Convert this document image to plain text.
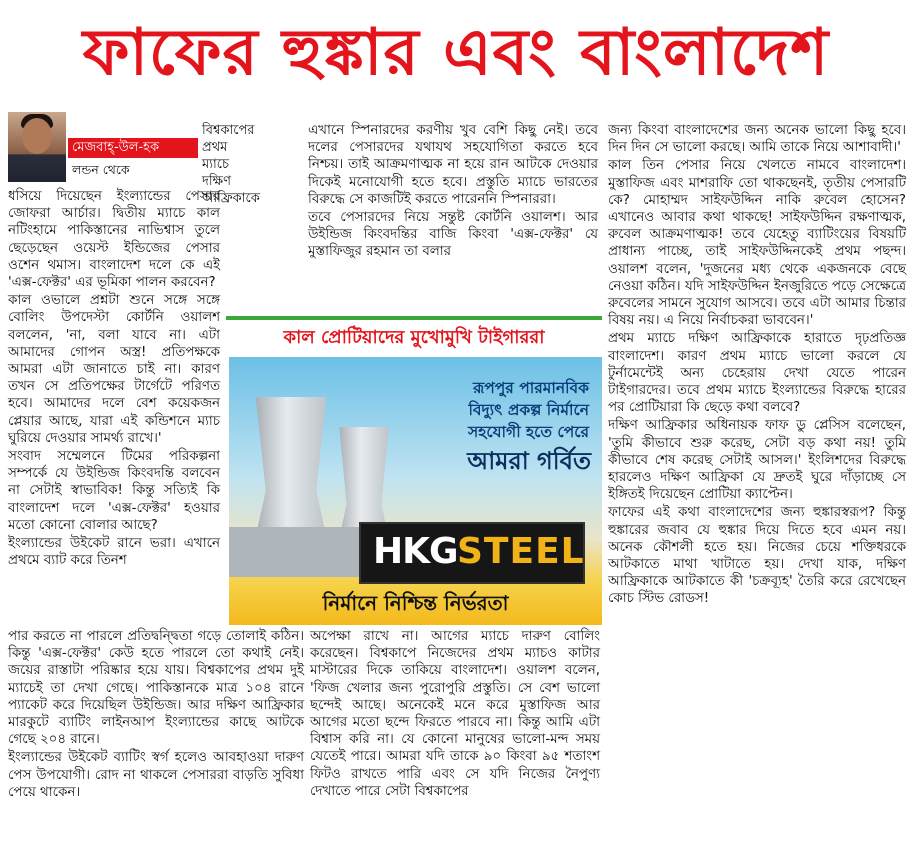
ফাফের হুঙ্কার এবং বাংলাদেশ
মেজবাহ্‌-উল-হক
লন্ডন থেকে
বিশ্বকাপের প্রথম ম্যাচে দক্ষিণ আফ্রিকাকে

ধসিয়ে দিয়েছেন ইংল্যান্ডের পেসার জোফরা আর্চার। দ্বিতীয় ম্যাচে কাল নটিংহামে পাকিস্তানের নাভিশ্বাস তুলে ছেড়েছেন ওয়েস্ট ইন্ডিজের পেসার ওশেন থমাস। বাংলাদেশ দলে কে এই 'এক্স-ফেক্টর' এর ভূমিকা পালন করবেন?

কাল ওভালে প্রশ্নটা শুনে সঙ্গে সঙ্গে বোলিং উপদেস্টা কোর্টনি ওয়ালশ বললেন, 'না, বলা যাবে না। এটা আমাদের গোপন অস্ত্র! প্রতিপক্ষকে আমরা এটা জানাতে চাই না। কারণ তখন সে প্রতিপক্ষের টার্গেটে পরিণত হবে। আমাদের দলে বেশ কয়েকজন প্লেয়ার আছে, যারা এই কন্ডিশনে ম্যাচ ঘুরিয়ে দেওয়ার সামর্থ্য রাখে।'

সংবাদ সম্মেলনে টিমের পরিকল্পনা সম্পর্কে যে উইন্ডিজ কিংবদন্তি বলবেন না সেটাই স্বাভাবিক! কিন্তু সত্যিই কি বাংলাদেশ দলে 'এক্স-ফেক্টর' হওয়ার মতো কোনো বোলার আছে?

ইংল্যান্ডের উইকেট রানে ভরা। এখানে প্রথমে ব্যাট করে তিনশ

এখানে স্পিনারদের করণীয় খুব বেশি কিছু নেই। তবে দলের পেসারদের যথাযথ সহযোগিতা করতে হবে নিশ্চয়। তাই আক্রমণাত্মক না হয়ে রান আটকে দেওয়ার দিকেই মনোযোগী হতে হবে। প্রস্তুতি ম্যাচে ভারতের বিরুদ্ধে সে কাজটিই করতে পারেননি স্পিনাররা।

তবে পেসারদের নিয়ে সন্তুষ্ট কোর্টনি ওয়ালশ। আর উইন্ডিজ কিংবদন্তির বাজি কিংবা 'এক্স-ফেক্টর' যে মুস্তাফিজুর রহমান তা বলার

কাল প্রোটিয়াদের মুখোমুখি টাইগাররা
রূপপুর পারমানবিক
বিদ্যুৎ প্রকল্প নির্মানে
সহযোগী হতে পেরে
আমরা গর্বিত
HKG STEEL
নির্মানে নিশ্চিন্ত নির্ভরতা

পার করতে না পারলে প্রতিদ্বন্দ্বিতা গড়ে তোলাই কঠিন। কিন্তু 'এক্স-ফেক্টর' কেউ হতে পারলে তো কথাই নেই। জয়ের রাস্তাটা পরিষ্কার হয়ে যায়। বিশ্বকাপের প্রথম দুই ম্যাচেই তা দেখা গেছে। পাকিস্তানকে মাত্র ১০৪ রানে প্যাকেট করে দিয়েছিল উইন্ডিজ। আর দক্ষিণ আফ্রিকার মারকুটে ব্যাটিং লাইনআপ ইংল্যান্ডের কাছে আটকে গেছে ২০৪ রানে।

ইংল্যান্ডের উইকেট ব্যাটিং স্বর্গ হলেও আবহাওয়া দারুণ পেস উপযোগী। রোদ না থাকলে পেসাররা বাড়তি সুবিধা পেয়ে থাকেন।

অপেক্ষা রাখে না। আগের ম্যাচে দারুণ বোলিং করেছেন। বিশ্বকাপে নিজেদের প্রথম ম্যাচও কাটার মাস্টারের দিকে তাকিয়ে বাংলাদেশ। ওয়ালশ বলেন, 'ফিজ খেলার জন্য পুরোপুরি প্রস্তুতি। সে বেশ ভালো ছন্দেই আছে। অনেকেই মনে করে মুস্তাফিজ আর আগের মতো ছন্দে ফিরতে পারবে না। কিন্তু আমি এটা বিশ্বাস করি না। যে কোনো মানুষের ভালো-মন্দ সময় যেতেই পারে। আমরা যদি তাকে ৯০ কিংবা ৯৫ শতাংশ ফিটও রাখতে পারি এবং সে যদি নিজের নৈপুণ্য দেখাতে পারে সেটা বিশ্বকাপের

জন্য কিংবা বাংলাদেশের জন্য অনেক ভালো কিছু হবে। দিন দিন সে ভালো করছে। আমি তাকে নিয়ে আশাবাদী।'

কাল তিন পেসার নিয়ে খেলতে নামবে বাংলাদেশ। মুস্তাফিজ এবং মাশরাফি তো থাকছেনই, তৃতীয় পেসারটি কে? মোহাম্মদ সাইফউদ্দিন নাকি রুবেল হোসেন? এখানেও আবার কথা থাকছে! সাইফউদ্দিন রক্ষণাত্মক, রুবেল আক্রমণাত্মক! তবে যেহেতু ব্যাটিংয়ের বিষয়টি প্রাধান্য পাচ্ছে, তাই সাইফউদ্দিনকেই প্রথম পছন্দ। ওয়ালশ বলেন, 'দুজনের মধ্য থেকে একজনকে বেছে নেওয়া কঠিন। যদি সাইফউদ্দিন ইনজুরিতে পড়ে সেক্ষেত্রে রুবেলের সামনে সুযোগ আসবে। তবে এটা আমার চিন্তার বিষয় নয়। এ নিয়ে নির্বাচকরা ভাববেন।'

প্রথম ম্যাচে দক্ষিণ আফ্রিকাকে হারাতে দৃঢ়প্রতিজ্ঞ বাংলাদেশ। কারণ প্রথম ম্যাচে ভালো করলে যে টুর্নামেন্টেই অন্য চেহেরায় দেখা যেতে পারেন টাইগারদের। তবে প্রথম ম্যাচে ইংল্যান্ডের বিরুদ্ধে হারের পর প্রোটিয়ারা কি ছেড়ে কথা বলবে?

দক্ষিণ আফ্রিকার অধিনায়ক ফাফ ডু প্লেসিস বলেছেন, 'তুমি কীভাবে শুরু করেছ, সেটা বড় কথা নয়! তুমি কীভাবে শেষ করেছ সেটাই আসল।' ইংলিশদের বিরুদ্ধে হারলেও দক্ষিণ আফ্রিকা যে দ্রুতই ঘুরে দাঁড়াচ্ছে সে ইঙ্গিতই দিয়েছেন প্রোটিয়া ক্যাপ্টেন।

ফাফের এই কথা বাংলাদেশের জন্য হুঙ্কারস্বরূপ? কিন্তু হুঙ্কারের জবাব যে হুঙ্কার দিয়ে দিতে হবে এমন নয়। অনেক কৌশলী হতে হয়। নিজের চেয়ে শক্তিধরকে আটকাতে মাথা খাটাতে হয়। দেখা যাক, দক্ষিণ আফ্রিকাকে আটকাতে কী 'চক্রব্যূহ' তৈরি করে রেখেছেন কোচ স্টিভ রোডস!
